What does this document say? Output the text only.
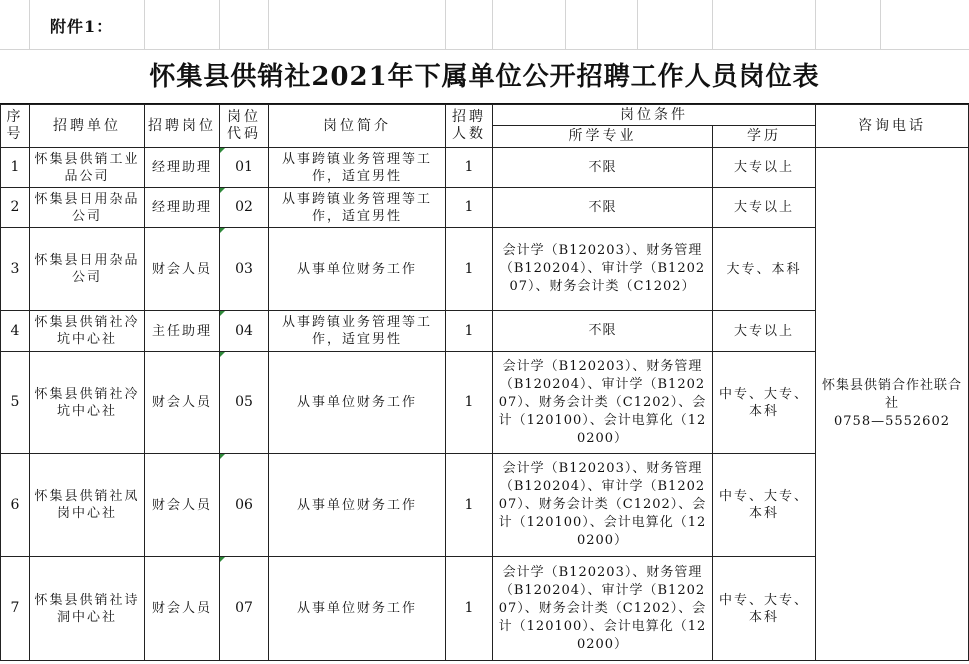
附件1：
怀集县供销社2021年下属单位公开招聘工作人员岗位表
序号	招聘单位	招聘岗位	岗位代码	岗位简介	招聘人数	岗位条件		咨询电话
						所学专业	学历	
1	怀集县供销工业品公司	经理助理	01	从事跨镇业务管理等工作，适宜男性	1	不限	大专以上	怀集县供销合作社联合社
0758—5552602

2	怀集县日用杂品公司	经理助理	02	从事跨镇业务管理等工作，适宜男性	1	不限	大专以上	
3	怀集县日用杂品公司	财会人员	03	从事单位财务工作	1	会计学（B120203）、财务管理（B120204）、审计学（B120207）、财务会计类（C1202）	大专、本科	
4	怀集县供销社冷坑中心社	主任助理	04	从事跨镇业务管理等工作，适宜男性	1	不限	大专以上	
5	怀集县供销社冷坑中心社	财会人员	05	从事单位财务工作	1	会计学（B120203）、财务管理（B120204）、审计学（B120207）、财务会计类（C1202）、会计（120100）、会计电算化（120200）	中专、大专、本科	
6	怀集县供销社凤岗中心社	财会人员	06	从事单位财务工作	1	会计学（B120203）、财务管理（B120204）、审计学（B120207）、财务会计类（C1202）、会计（120100）、会计电算化（120200）	中专、大专、本科	
7	怀集县供销社诗洞中心社	财会人员	07	从事单位财务工作	1	会计学（B120203）、财务管理（B120204）、审计学（B120207）、财务会计类（C1202）、会计（120100）、会计电算化（120200）	中专、大专、本科	
